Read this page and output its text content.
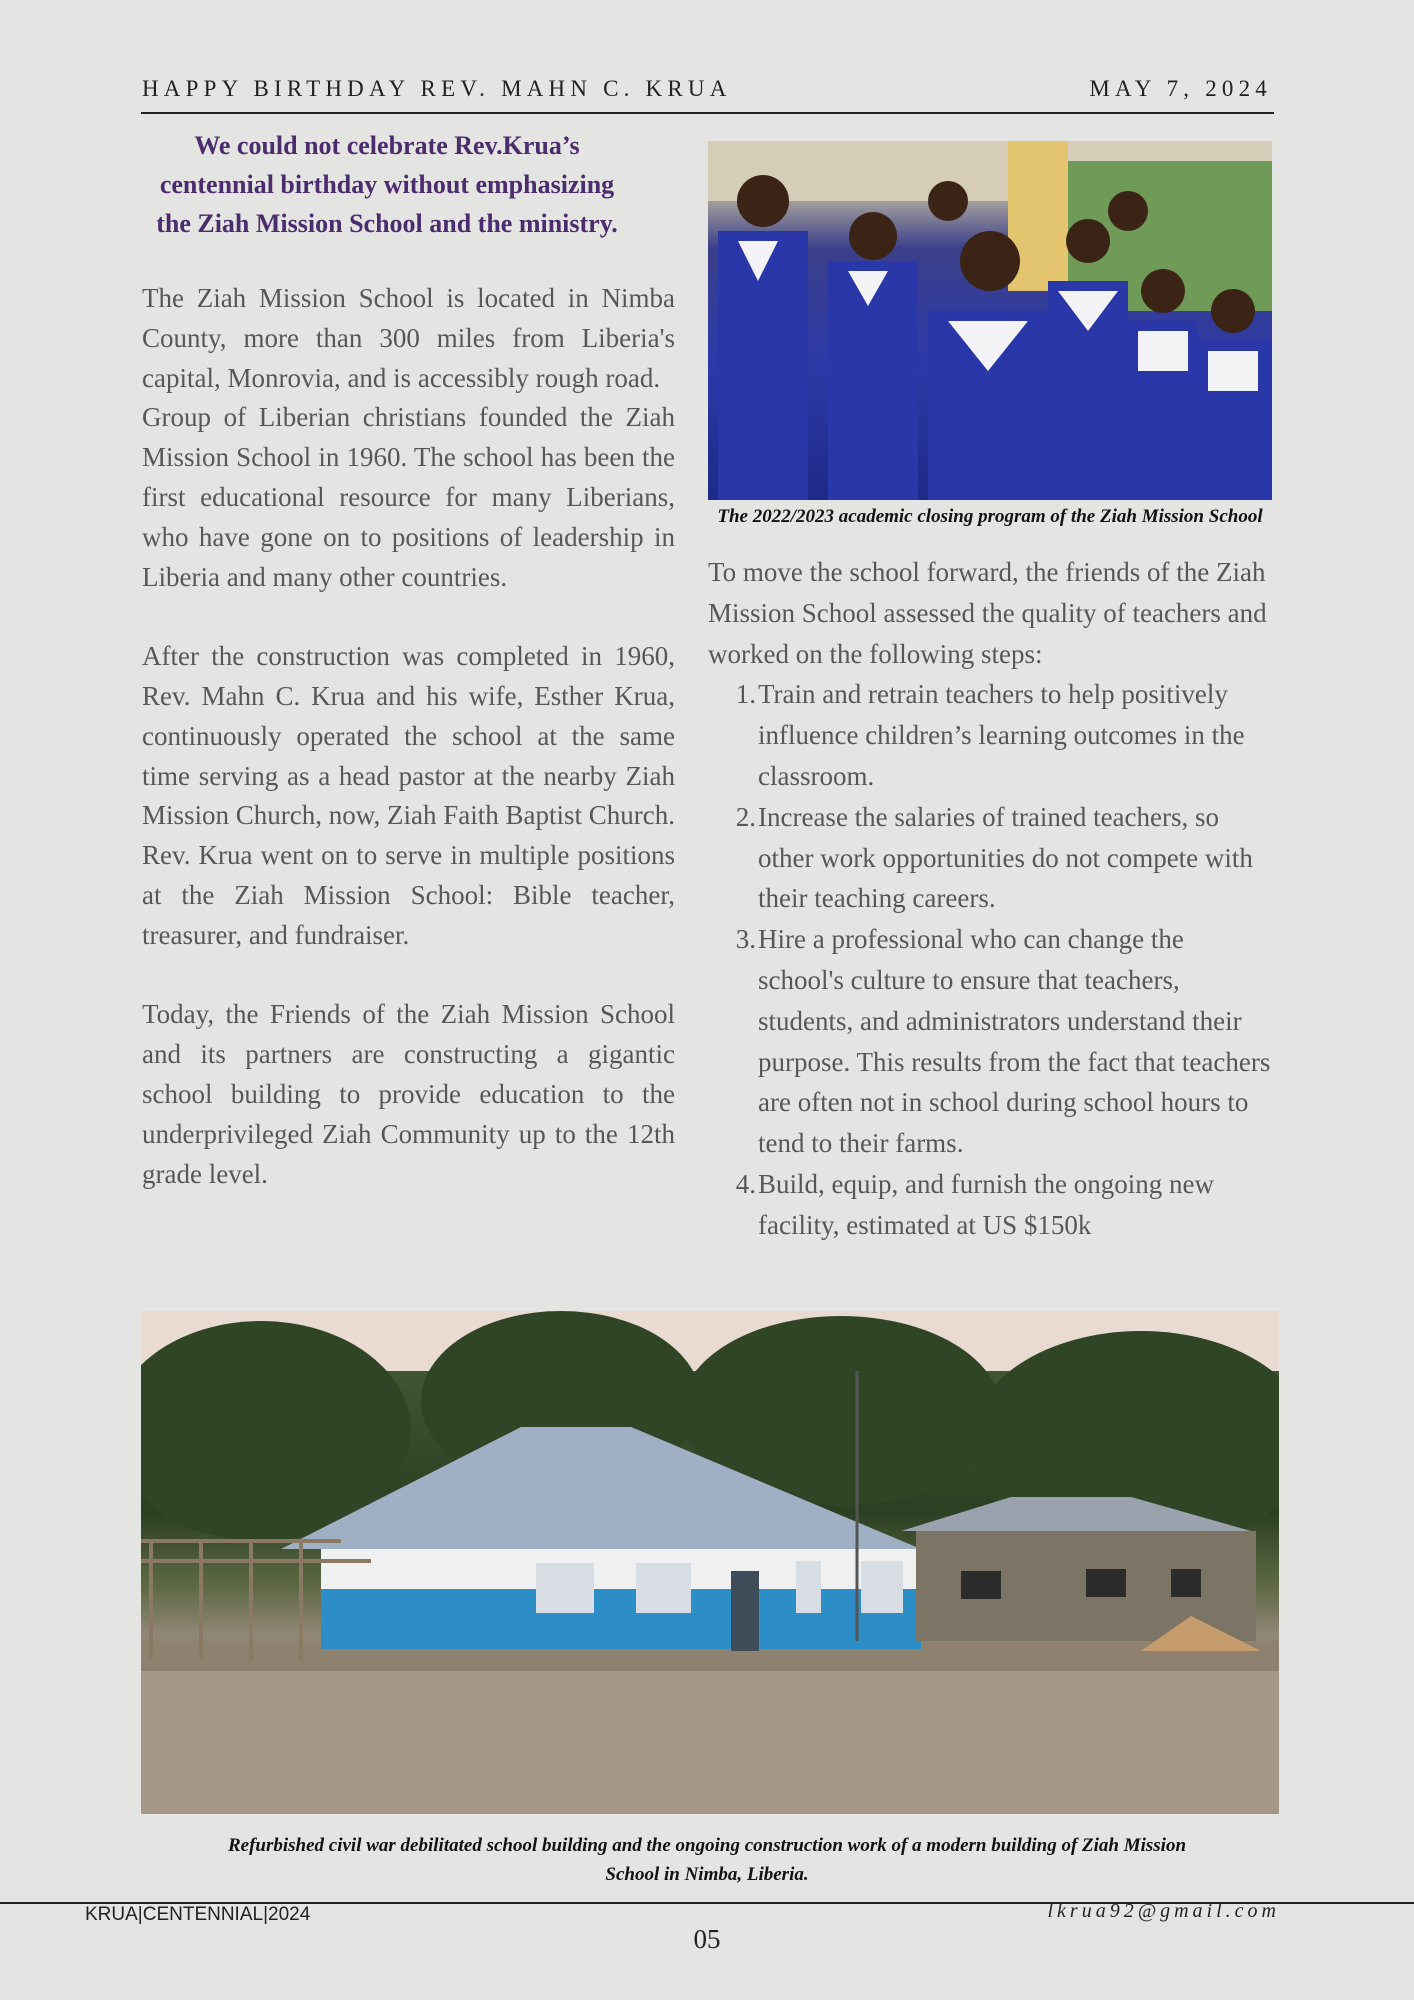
HAPPY BIRTHDAY REV. MAHN C. KRUA	MAY 7, 2024
We could not celebrate Rev.Krua’s centennial birthday without emphasizing the Ziah Mission School and the ministry.

The Ziah Mission School is located in Nimba County, more than 300 miles from Liberia's capital, Monrovia, and is accessibly rough road.

Group of Liberian christians founded the Ziah Mission School in 1960. The school has been the first educational resource for many Liberians, who have gone on to positions of leadership in Liberia and many other countries.

After the construction was completed in 1960, Rev. Mahn C. Krua and his wife, Esther Krua, continuously operated the school at the same time serving as a head pastor at the nearby Ziah Mission Church, now, Ziah Faith Baptist Church. Rev. Krua went on to serve in multiple positions at the Ziah Mission School: Bible teacher, treasurer, and fundraiser.

Today, the Friends of the Ziah Mission School and its partners are constructing a gigantic school building to provide education to the underprivileged Ziah Community up to the 12th grade level.

The 2022/2023 academic closing program of the Ziah Mission School

To move the school forward, the friends of the Ziah Mission School assessed the quality of teachers and worked on the following steps:

1. Train and retrain teachers to help positively influence children’s learning outcomes in the classroom.
2. Increase the salaries of trained teachers, so other work opportunities do not compete with their teaching careers.
3. Hire a professional who can change the school's culture to ensure that teachers, students, and administrators understand their purpose. This results from the fact that teachers are often not in school during school hours to tend to their farms.
4. Build, equip, and furnish the ongoing new facility, estimated at US $150k
Refurbished civil war debilitated school building and the ongoing construction work of a modern building of Ziah Mission School in Nimba, Liberia.
KRUA|CENTENNIAL|2024	lkrua92@gmail.com
05
